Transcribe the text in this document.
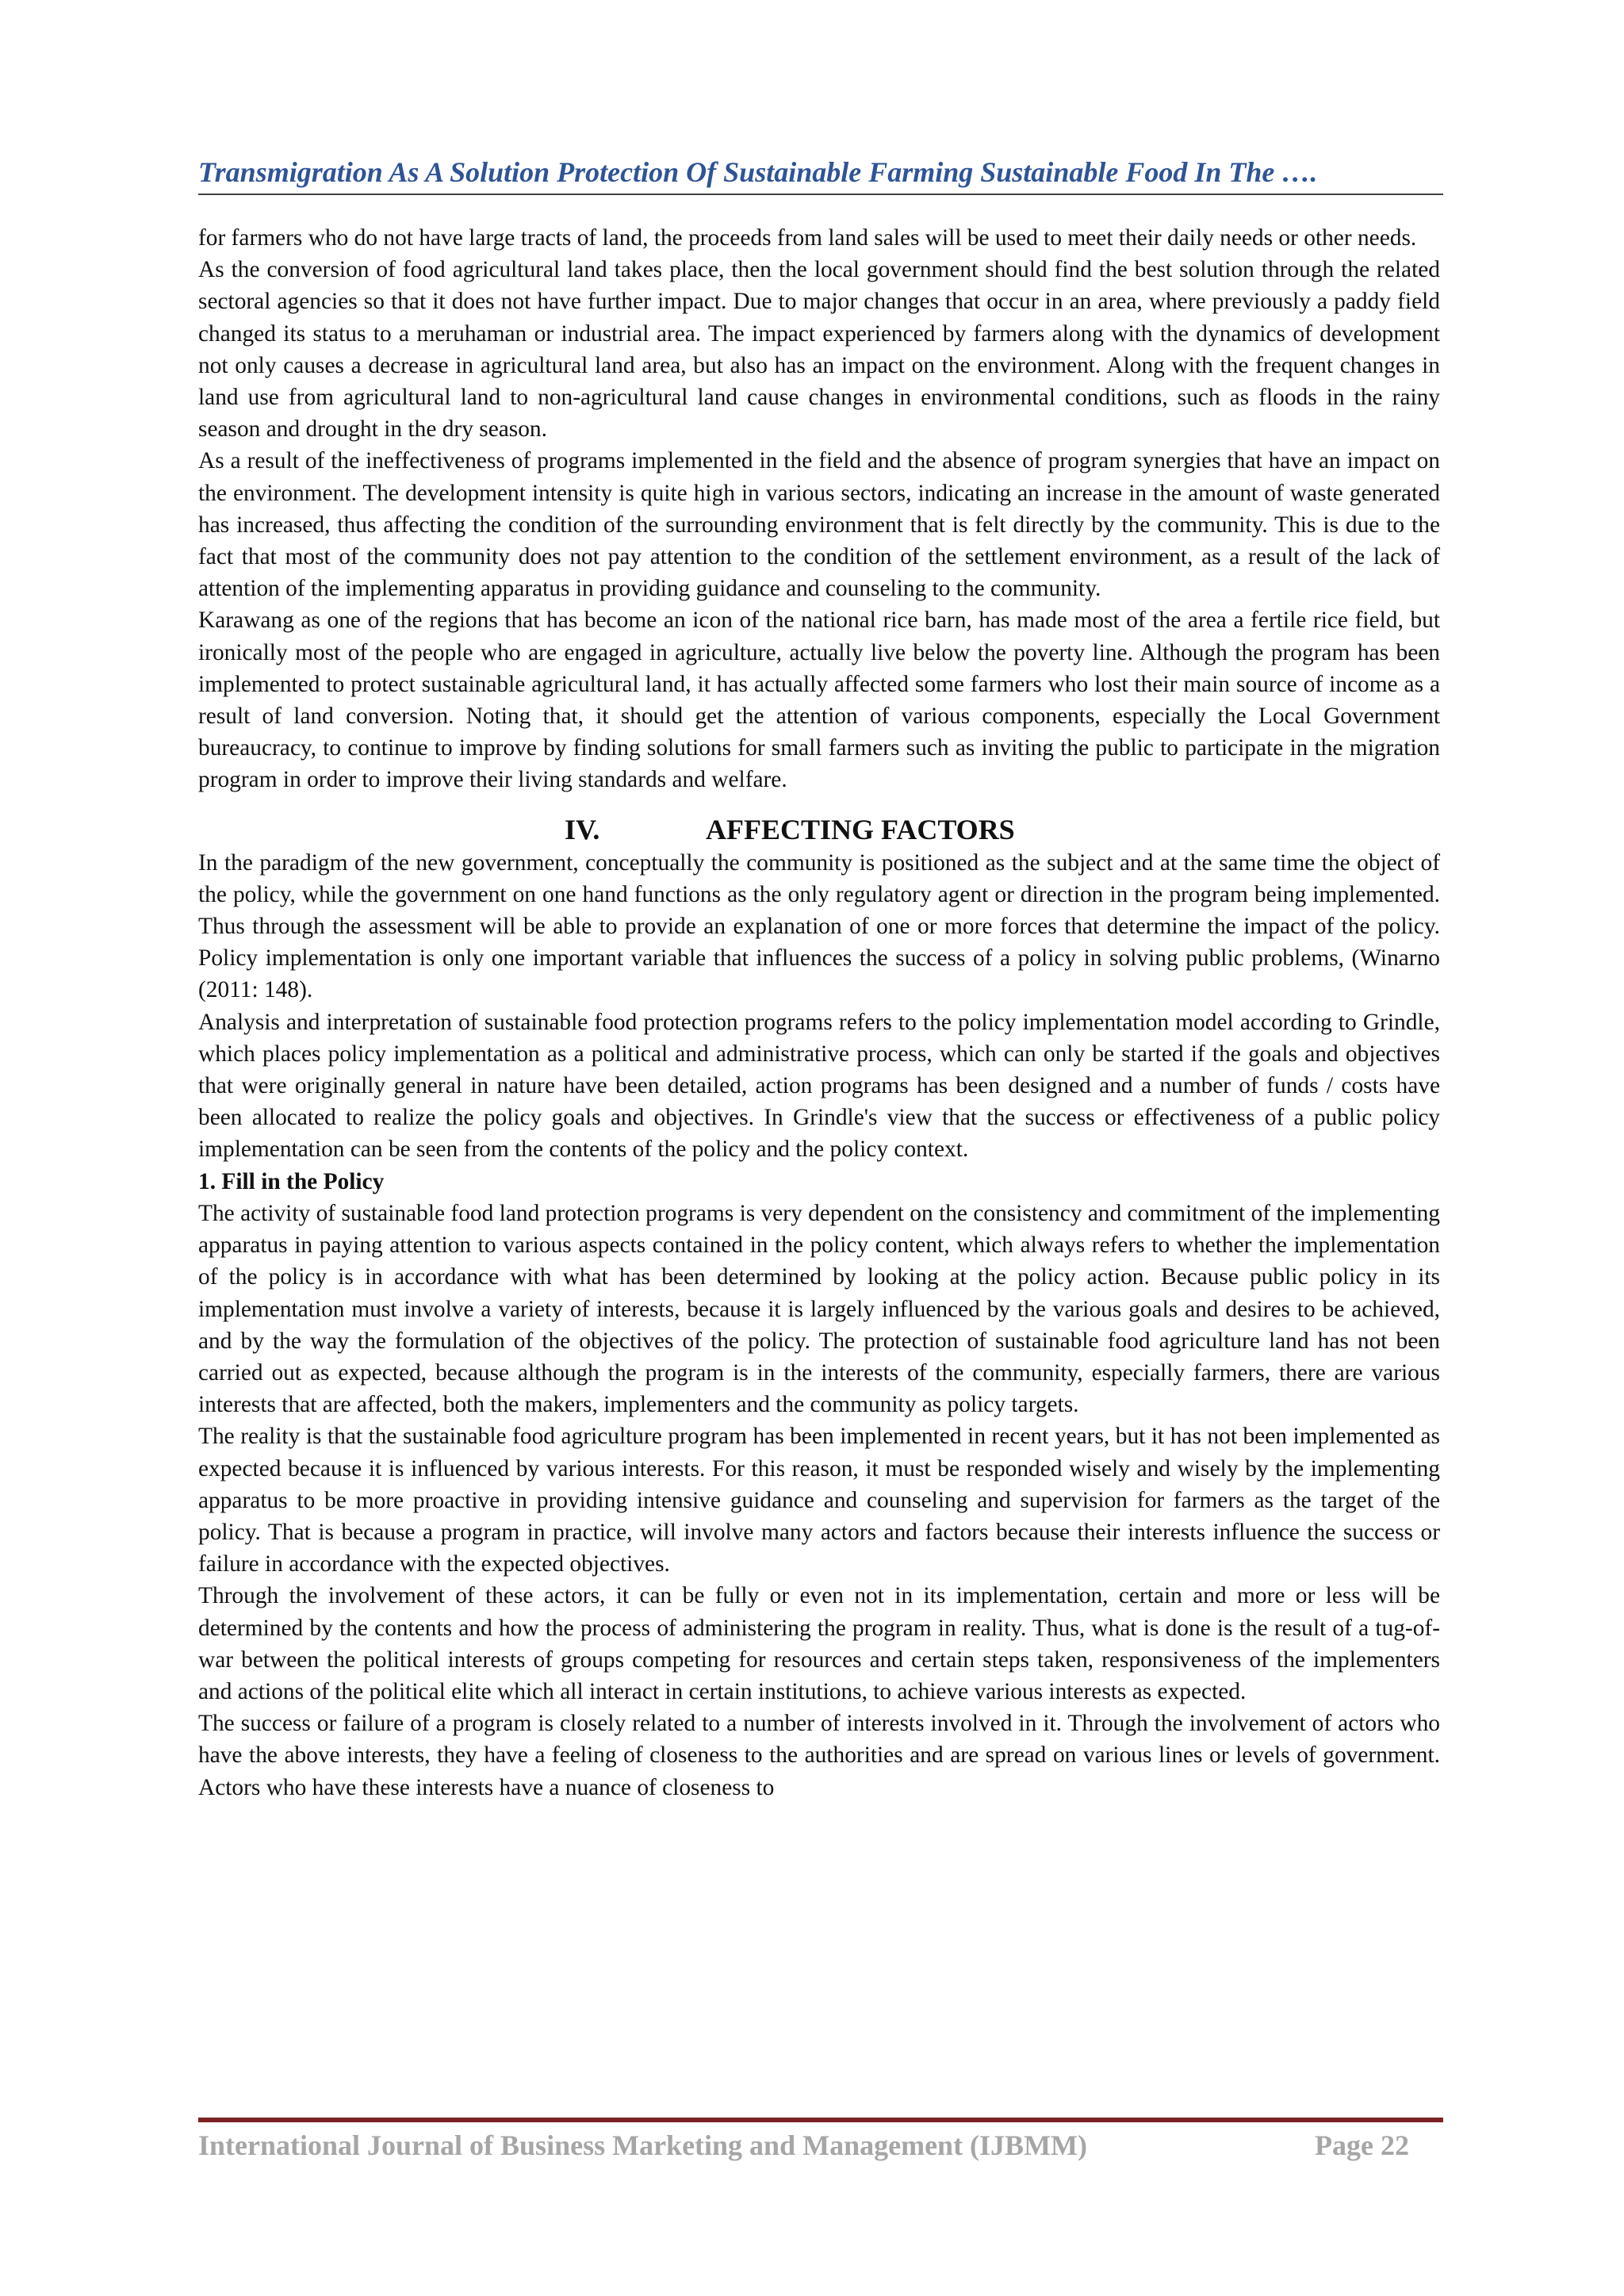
Transmigration As A Solution Protection Of Sustainable Farming Sustainable Food In The ….

for farmers who do not have large tracts of land, the proceeds from land sales will be used to meet their daily needs or other needs.

As the conversion of food agricultural land takes place, then the local government should find the best solution through the related sectoral agencies so that it does not have further impact. Due to major changes that occur in an area, where previously a paddy field changed its status to a meruhaman or industrial area. The impact experienced by farmers along with the dynamics of development not only causes a decrease in agricultural land area, but also has an impact on the environment. Along with the frequent changes in land use from agricultural land to non-agricultural land cause changes in environmental conditions, such as floods in the rainy season and drought in the dry season.

As a result of the ineffectiveness of programs implemented in the field and the absence of program synergies that have an impact on the environment. The development intensity is quite high in various sectors, indicating an increase in the amount of waste generated has increased, thus affecting the condition of the surrounding environment that is felt directly by the community. This is due to the fact that most of the community does not pay attention to the condition of the settlement environment, as a result of the lack of attention of the implementing apparatus in providing guidance and counseling to the community.

Karawang as one of the regions that has become an icon of the national rice barn, has made most of the area a fertile rice field, but ironically most of the people who are engaged in agriculture, actually live below the poverty line. Although the program has been implemented to protect sustainable agricultural land, it has actually affected some farmers who lost their main source of income as a result of land conversion. Noting that, it should get the attention of various components, especially the Local Government bureaucracy, to continue to improve by finding solutions for small farmers such as inviting the public to participate in the migration program in order to improve their living standards and welfare.

IV.	AFFECTING FACTORS

In the paradigm of the new government, conceptually the community is positioned as the subject and at the same time the object of the policy, while the government on one hand functions as the only regulatory agent or direction in the program being implemented. Thus through the assessment will be able to provide an explanation of one or more forces that determine the impact of the policy. Policy implementation is only one important variable that influences the success of a policy in solving public problems, (Winarno (2011: 148).

Analysis and interpretation of sustainable food protection programs refers to the policy implementation model according to Grindle, which places policy implementation as a political and administrative process, which can only be started if the goals and objectives that were originally general in nature have been detailed, action programs has been designed and a number of funds / costs have been allocated to realize the policy goals and objectives. In Grindle's view that the success or effectiveness of a public policy implementation can be seen from the contents of the policy and the policy context.

1. Fill in the Policy

The activity of sustainable food land protection programs is very dependent on the consistency and commitment of the implementing apparatus in paying attention to various aspects contained in the policy content, which always refers to whether the implementation of the policy is in accordance with what has been determined by looking at the policy action. Because public policy in its implementation must involve a variety of interests, because it is largely influenced by the various goals and desires to be achieved, and by the way the formulation of the objectives of the policy. The protection of sustainable food agriculture land has not been carried out as expected, because although the program is in the interests of the community, especially farmers, there are various interests that are affected, both the makers, implementers and the community as policy targets.

The reality is that the sustainable food agriculture program has been implemented in recent years, but it has not been implemented as expected because it is influenced by various interests. For this reason, it must be responded wisely and wisely by the implementing apparatus to be more proactive in providing intensive guidance and counseling and supervision for farmers as the target of the policy. That is because a program in practice, will involve many actors and factors because their interests influence the success or failure in accordance with the expected objectives.

Through the involvement of these actors, it can be fully or even not in its implementation, certain and more or less will be determined by the contents and how the process of administering the program in reality. Thus, what is done is the result of a tug-of-war between the political interests of groups competing for resources and certain steps taken, responsiveness of the implementers and actions of the political elite which all interact in certain institutions, to achieve various interests as expected.

The success or failure of a program is closely related to a number of interests involved in it. Through the involvement of actors who have the above interests, they have a feeling of closeness to the authorities and are spread on various lines or levels of government. Actors who have these interests have a nuance of closeness to

International Journal of Business Marketing and Management (IJBMM)	Page 22
